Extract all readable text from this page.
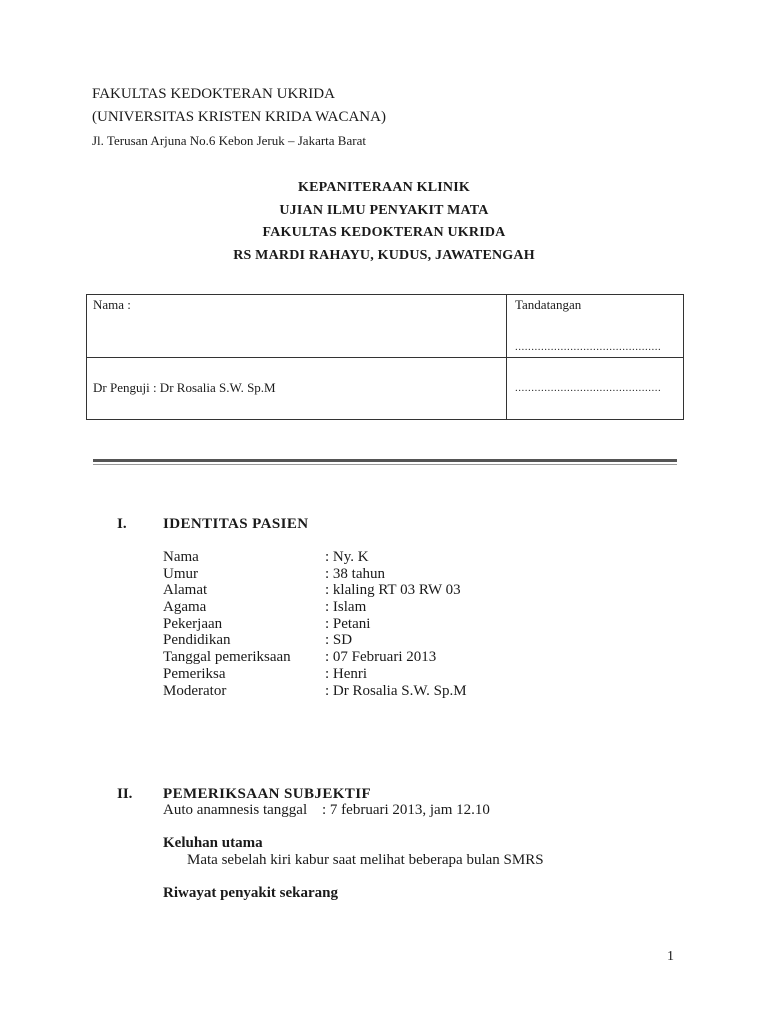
FAKULTAS KEDOKTERAN UKRIDA
(UNIVERSITAS KRISTEN KRIDA WACANA)
Jl. Terusan Arjuna No.6 Kebon Jeruk – Jakarta Barat
KEPANITERAAN KLINIK
UJIAN ILMU PENYAKIT MATA
FAKULTAS KEDOKTERAN UKRIDA
RS MARDI RAHAYU, KUDUS, JAWATENGAH
Nama :	Tandatangan
.............................................

Dr Penguji : Dr Rosalia S.W. Sp.M	.............................................
I. IDENTITAS PASIEN
Nama	: Ny. K
Umur	: 38 tahun
Alamat	: klaling RT 03 RW 03
Agama	: Islam
Pekerjaan	: Petani
Pendidikan	: SD
Tanggal pemeriksaan : 07 Februari 2013
Pemeriksa	: Henri
Moderator	: Dr Rosalia S.W. Sp.M
II. PEMERIKSAAN SUBJEKTIF
Auto anamnesis tanggal : 7 februari 2013, jam 12.10
Keluhan utama
Mata sebelah kiri kabur saat melihat beberapa bulan SMRS
Riwayat penyakit sekarang
1
